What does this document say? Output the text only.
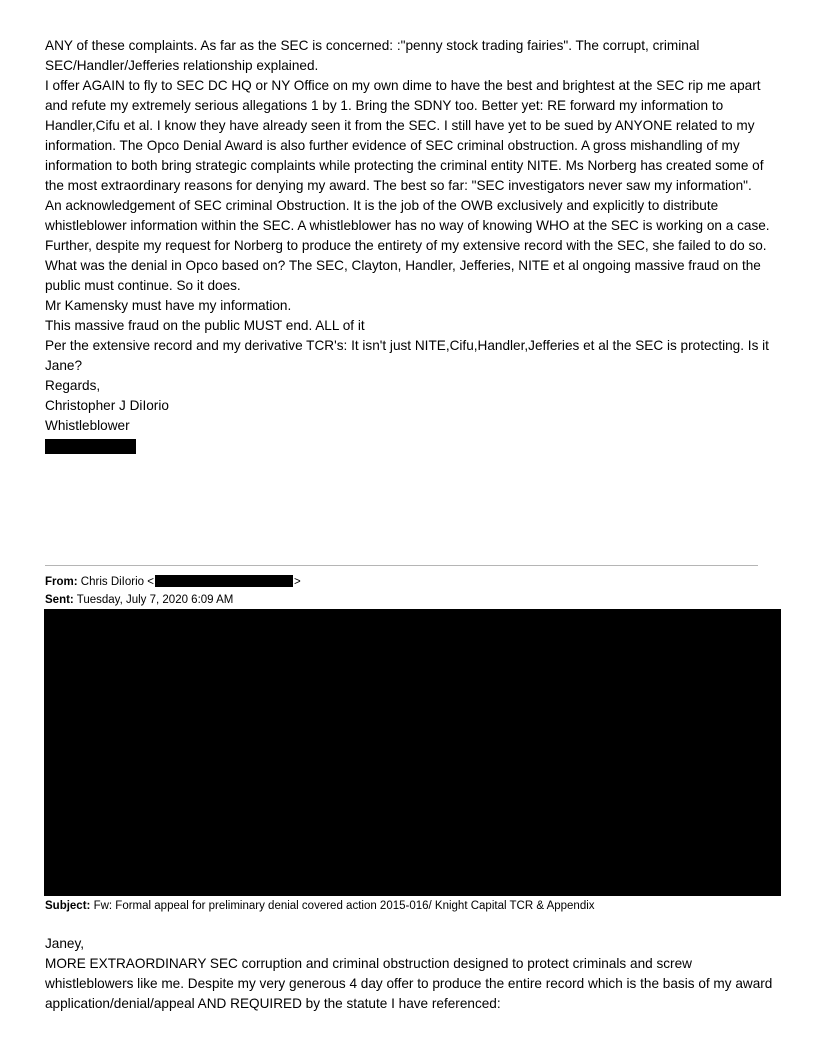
ANY of these complaints. As far as the SEC is concerned: :"penny stock trading fairies". The corrupt, criminal SEC/Handler/Jefferies relationship explained.

I offer AGAIN to fly to SEC DC HQ or NY Office on my own dime to have the best and brightest at the SEC rip me apart and refute my extremely serious allegations 1 by 1. Bring the SDNY too. Better yet: RE forward my information to Handler,Cifu et al. I know they have already seen it from the SEC. I still have yet to be sued by ANYONE related to my information. The Opco Denial Award is also further evidence of SEC criminal obstruction. A gross mishandling of my information to both bring strategic complaints while protecting the criminal entity NITE. Ms Norberg has created some of the most extraordinary reasons for denying my award. The best so far: "SEC investigators never saw my information". An acknowledgement of SEC criminal Obstruction. It is the job of the OWB exclusively and explicitly to distribute whistleblower information within the SEC. A whistleblower has no way of knowing WHO at the SEC is working on a case. Further, despite my request for Norberg to produce the entirety of my extensive record with the SEC, she failed to do so.

What was the denial in Opco based on? The SEC, Clayton, Handler, Jefferies, NITE et al ongoing massive fraud on the public must continue. So it does.

Mr Kamensky must have my information.

This massive fraud on the public MUST end. ALL of it

Per the extensive record and my derivative TCR's: It isn't just NITE,Cifu,Handler,Jefferies et al the SEC is protecting. Is it Jane?

Regards,

Christopher J DiIorio

Whistleblower

From: Chris DiIorio <	>
Sent: Tuesday, July 7, 2020 6:09 AM
Subject: Fw: Formal appeal for preliminary denial covered action 2015-016/ Knight Capital TCR & Appendix

Janey,

MORE EXTRAORDINARY SEC corruption and criminal obstruction designed to protect criminals and screw whistleblowers like me. Despite my very generous 4 day offer to produce the entire record which is the basis of my award application/denial/appeal AND REQUIRED by the statute I have referenced:
